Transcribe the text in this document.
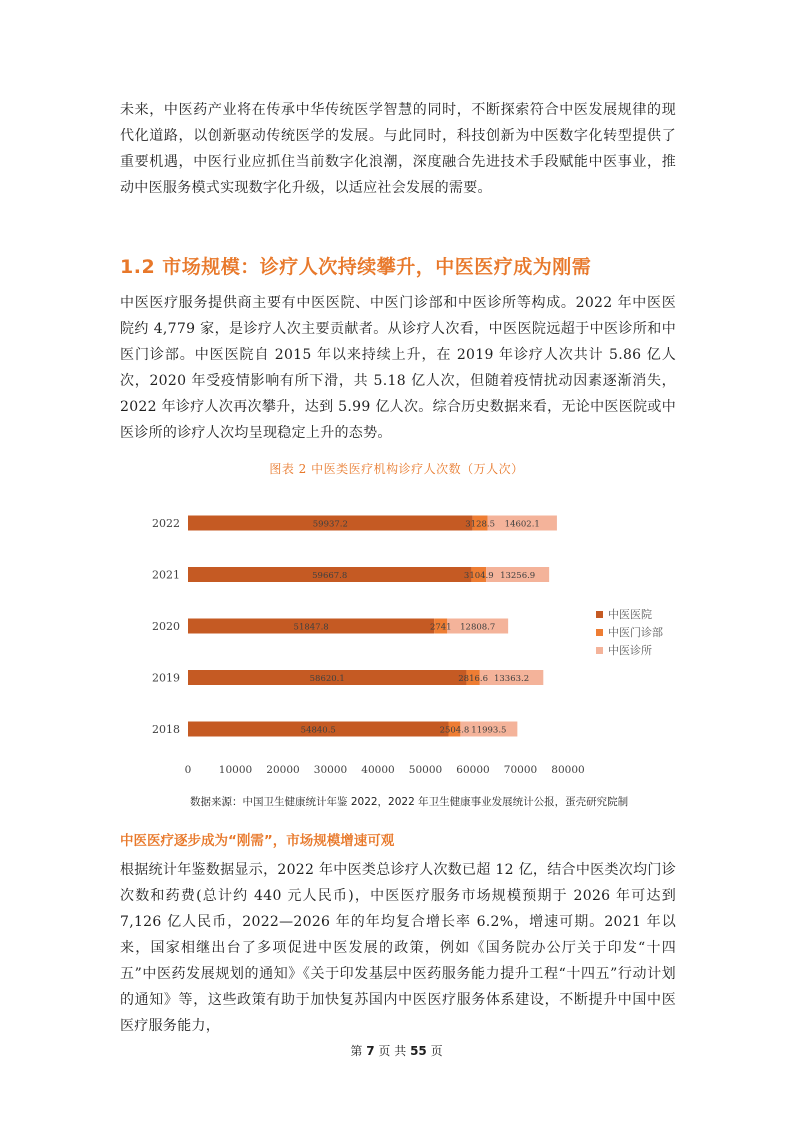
未来，中医药产业将在传承中华传统医学智慧的同时，不断探索符合中医发展规律的现代化道路，以创新驱动传统医学的发展。与此同时，科技创新为中医数字化转型提供了重要机遇，中医行业应抓住当前数字化浪潮，深度融合先进技术手段赋能中医事业，推动中医服务模式实现数字化升级，以适应社会发展的需要。
1.2 市场规模：诊疗人次持续攀升，中医医疗成为刚需
中医医疗服务提供商主要有中医医院、中医门诊部和中医诊所等构成。2022 年中医医院约 4,779 家，是诊疗人次主要贡献者。从诊疗人次看，中医医院远超于中医诊所和中医门诊部。中医医院自 2015 年以来持续上升，在 2019 年诊疗人次共计 5.86 亿人次，2020 年受疫情影响有所下滑，共 5.18 亿人次，但随着疫情扰动因素逐渐消失，2022 年诊疗人次再次攀升，达到 5.99 亿人次。综合历史数据来看，无论中医医院或中医诊所的诊疗人次均呈现稳定上升的态势。
图表 2 中医类医疗机构诊疗人次数（万人次）
2022	59937.2	3128.5 14602.1
2021	59667.8	3104.9 13256.9
2020	51847.8	2741 12808.7
2019	58620.1	2816.6 13363.2
2018	54840.5	2504.8 11993.5
0	10000 20000 30000 40000 50000 60000 70000 80000
中医医院
中医门诊部
中医诊所
数据来源：中国卫生健康统计年鉴 2022，2022 年卫生健康事业发展统计公报，蛋壳研究院制
中医医疗逐步成为“刚需”，市场规模增速可观
根据统计年鉴数据显示，2022 年中医类总诊疗人次数已超 12 亿，结合中医类次均门诊次数和药费(总计约 440 元人民币)，中医医疗服务市场规模预期于 2026 年可达到 7,126 亿人民币，2022—2026 年的年均复合增长率 6.2%，增速可期。2021 年以来，国家相继出台了多项促进中医发展的政策，例如《国务院办公厅关于印发“十四五”中医药发展规划的通知》《关于印发基层中医药服务能力提升工程“十四五”行动计划的通知》等，这些政策有助于加快复苏国内中医医疗服务体系建设，不断提升中国中医医疗服务能力，
第 7 页 共 55 页
